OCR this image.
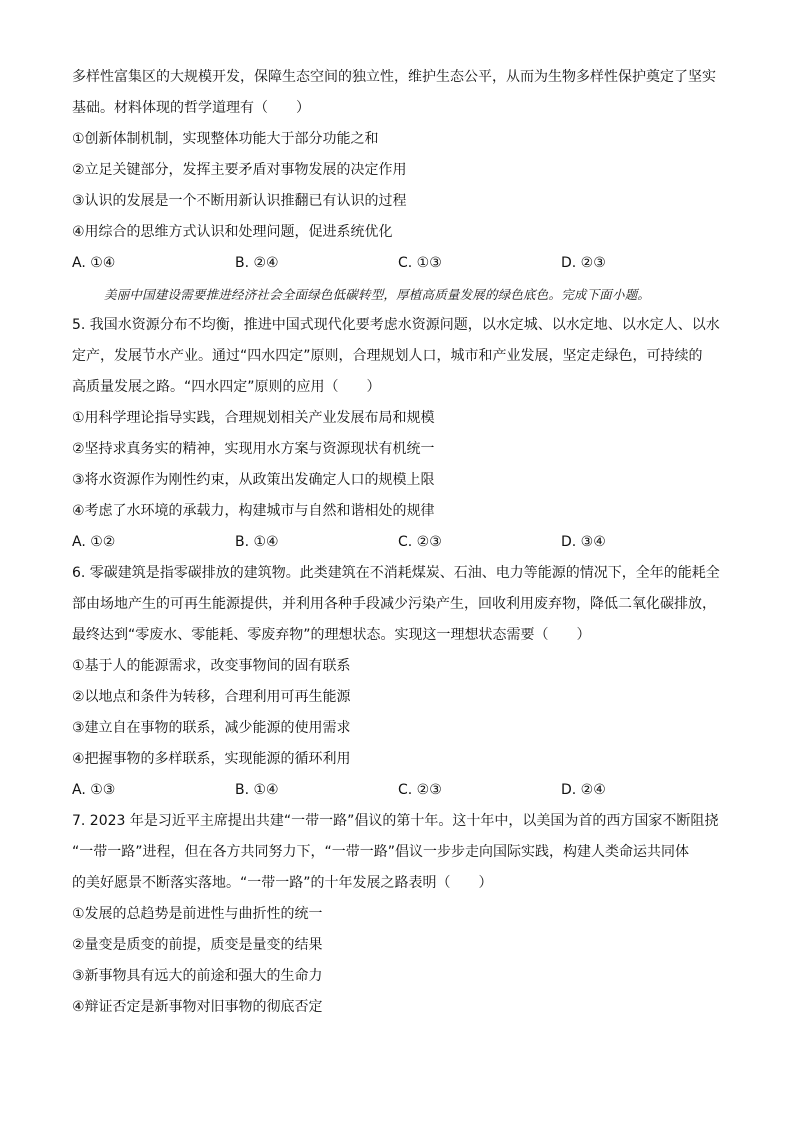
多样性富集区的大规模开发，保障生态空间的独立性，维护生态公平，从而为生物多样性保护奠定了坚实
基础。材料体现的哲学道理有（　　）
①创新体制机制，实现整体功能大于部分功能之和
②立足关键部分，发挥主要矛盾对事物发展的决定作用
③认识的发展是一个不断用新认识推翻已有认识的过程
④用综合的思维方式认识和处理问题，促进系统优化
A. ①④	B. ②④	C. ①③	D. ②③
美丽中国建设需要推进经济社会全面绿色低碳转型，厚植高质量发展的绿色底色。完成下面小题。
5. 我国水资源分布不均衡，推进中国式现代化要考虑水资源问题，以水定城、以水定地、以水定人、以水
定产，发展节水产业。通过“四水四定”原则，合理规划人口，城市和产业发展，坚定走绿色，可持续的
高质量发展之路。“四水四定”原则的应用（　　）
①用科学理论指导实践，合理规划相关产业发展布局和规模
②坚持求真务实的精神，实现用水方案与资源现状有机统一
③将水资源作为刚性约束，从政策出发确定人口的规模上限
④考虑了水环境的承载力，构建城市与自然和谐相处的规律
A. ①②	B. ①④	C. ②③	D. ③④
6. 零碳建筑是指零碳排放的建筑物。此类建筑在不消耗煤炭、石油、电力等能源的情况下，全年的能耗全
部由场地产生的可再生能源提供，并利用各种手段减少污染产生，回收利用废弃物，降低二氧化碳排放，
最终达到“零废水、零能耗、零废弃物”的理想状态。实现这一理想状态需要（　　）
①基于人的能源需求，改变事物间的固有联系
②以地点和条件为转移，合理利用可再生能源
③建立自在事物的联系，减少能源的使用需求
④把握事物的多样联系，实现能源的循环利用
A. ①③	B. ①④	C. ②③	D. ②④
7. 2023 年是习近平主席提出共建“一带一路”倡议的第十年。这十年中，以美国为首的西方国家不断阻挠
“一带一路”进程，但在各方共同努力下，“一带一路”倡议一步步走向国际实践，构建人类命运共同体
的美好愿景不断落实落地。“一带一路”的十年发展之路表明（　　）
①发展的总趋势是前进性与曲折性的统一
②量变是质变的前提，质变是量变的结果
③新事物具有远大的前途和强大的生命力
④辩证否定是新事物对旧事物的彻底否定
